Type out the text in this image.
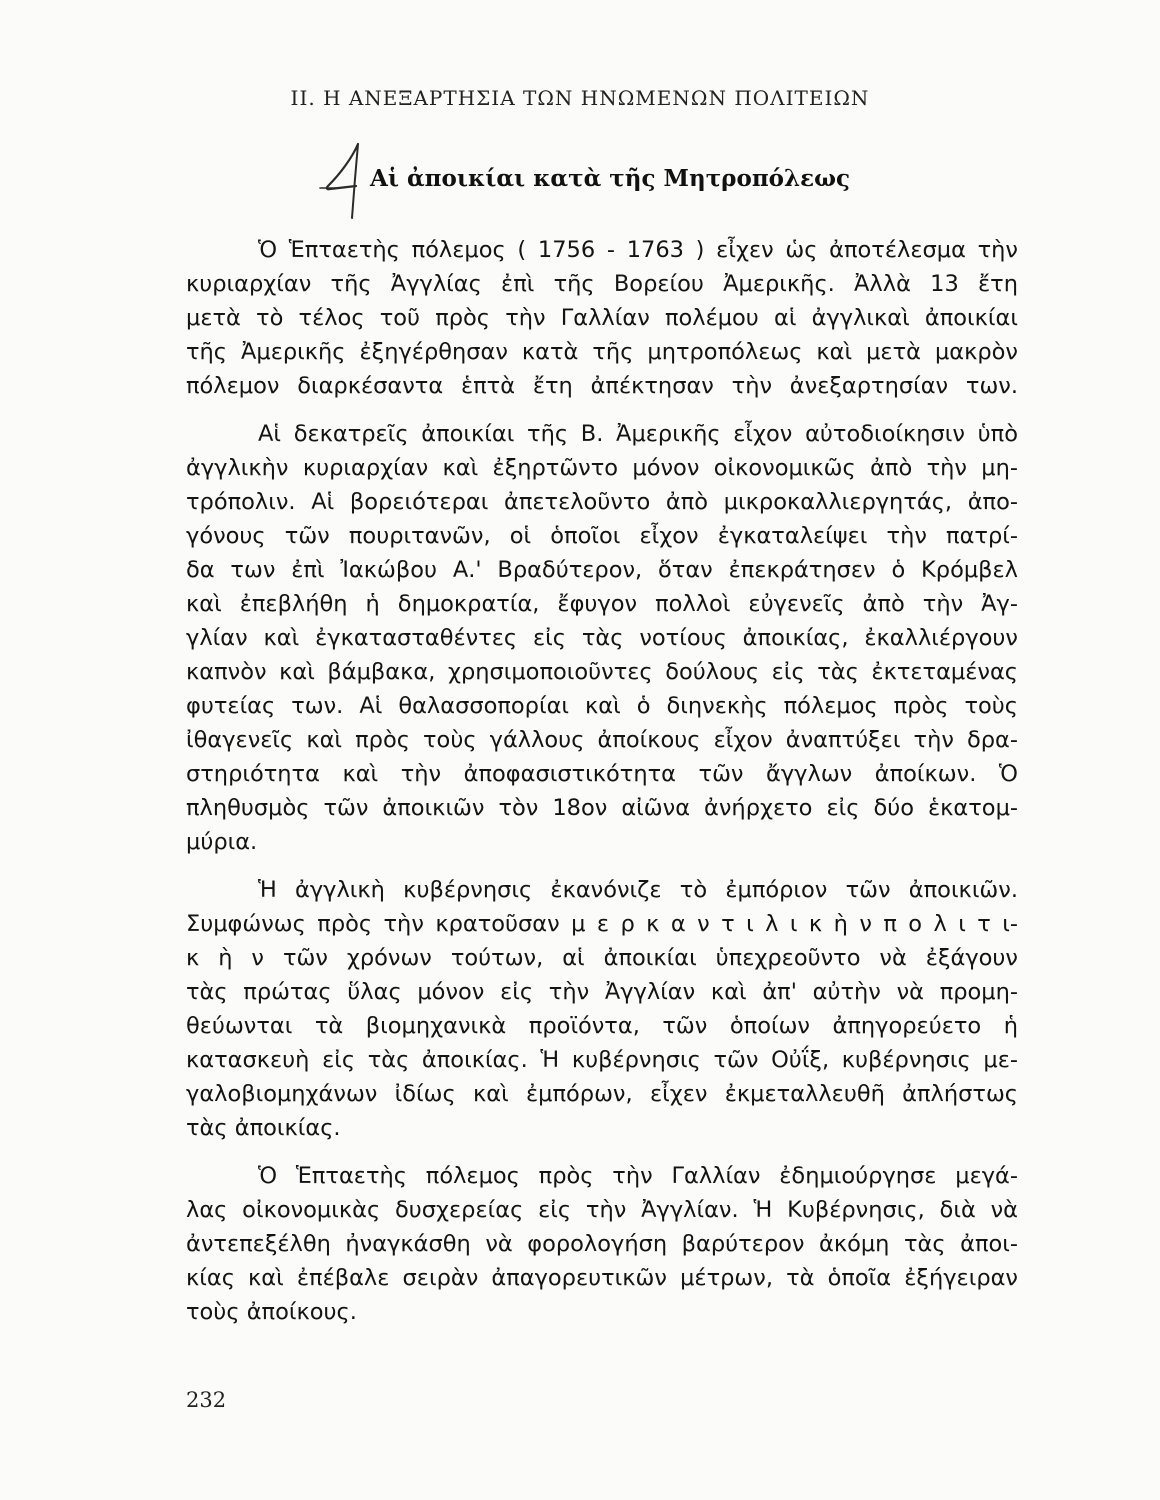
II. Η ΑΝΕΞΑΡΤΗΣΙΑ ΤΩΝ ΗΝΩΜΕΝΩΝ ΠΟΛΙΤΕΙΩΝ
Αἱ ἀποικίαι κατὰ τῆς Μητροπόλεως

Ὁ Ἑπταετὴς πόλεμος ( 1756 - 1763 ) εἶχεν ὡς ἀποτέλεσμα τὴν
κυριαρχίαν τῆς Ἀγγλίας ἐπὶ τῆς Βορείου Ἀμερικῆς. Ἀλλὰ 13 ἔτη
μετὰ τὸ τέλος τοῦ πρὸς τὴν Γαλλίαν πολέμου αἱ ἀγγλικαὶ ἀποικίαι
τῆς Ἀμερικῆς ἐξηγέρθησαν κατὰ τῆς μητροπόλεως καὶ μετὰ μακρὸν
πόλεμον διαρκέσαντα ἑπτὰ ἔτη ἀπέκτησαν τὴν ἀνεξαρτησίαν των.

Αἱ δεκατρεῖς ἀποικίαι τῆς Β. Ἀμερικῆς εἶχον αὐτοδιοίκησιν ὑπὸ
ἀγγλικὴν κυριαρχίαν καὶ ἐξηρτῶντο μόνον οἰκονομικῶς ἀπὸ τὴν μη-
τρόπολιν. Αἱ βορειότεραι ἀπετελοῦντο ἀπὸ μικροκαλλιεργητάς, ἀπο-
γόνους τῶν πουριτανῶν, οἱ ὁποῖοι εἶχον ἐγκαταλείψει τὴν πατρί-
δα των ἐπὶ Ἰακώβου Α.' Βραδύτερον, ὅταν ἐπεκράτησεν ὁ Κρόμβελ
καὶ ἐπεβλήθη ἡ δημοκρατία, ἔφυγον πολλοὶ εὐγενεῖς ἀπὸ τὴν Ἀγ-
γλίαν καὶ ἐγκατασταθέντες εἰς τὰς νοτίους ἀποικίας, ἐκαλλιέργουν
καπνὸν καὶ βάμβακα, χρησιμοποιοῦντες δούλους εἰς τὰς ἐκτεταμένας
φυτείας των. Αἱ θαλασσοπορίαι καὶ ὁ διηνεκὴς πόλεμος πρὸς τοὺς
ἰθαγενεῖς καὶ πρὸς τοὺς γάλλους ἀποίκους εἶχον ἀναπτύξει τὴν δρα-
στηριότητα καὶ τὴν ἀποφασιστικότητα τῶν ἄγγλων ἀποίκων. Ὁ
πληθυσμὸς τῶν ἀποικιῶν τὸν 18ον αἰῶνα ἀνήρχετο εἰς δύο ἑκατομ-
μύρια.

Ἡ ἀγγλικὴ κυβέρνησις ἐκανόνιζε τὸ ἐμπόριον τῶν ἀποικιῶν.
Συμφώνως πρὸς τὴν κρατοῦσαν μ ε ρ κ α ν τ ι λ ι κ ὴ ν π ο λ ι τ ι-
κ ὴ ν τῶν χρόνων τούτων, αἱ ἀποικίαι ὑπεχρεοῦντο νὰ ἐξάγουν
τὰς πρώτας ὕλας μόνον εἰς τὴν Ἀγγλίαν καὶ ἀπ' αὐτὴν νὰ προμη-
θεύωνται τὰ βιομηχανικὰ προϊόντα, τῶν ὁποίων ἀπηγορεύετο ἡ
κατασκευὴ εἰς τὰς ἀποικίας. Ἡ κυβέρνησις τῶν Οὐΐξ, κυβέρνησις με-
γαλοβιομηχάνων ἰδίως καὶ ἐμπόρων, εἶχεν ἐκμεταλλευθῆ ἀπλήστως
τὰς ἀποικίας.

Ὁ Ἑπταετὴς πόλεμος πρὸς τὴν Γαλλίαν ἐδημιούργησε μεγά-
λας οἰκονομικὰς δυσχερείας εἰς τὴν Ἀγγλίαν. Ἡ Κυβέρνησις, διὰ νὰ
ἀντεπεξέλθη ἠναγκάσθη νὰ φορολογήση βαρύτερον ἀκόμη τὰς ἀποι-
κίας καὶ ἐπέβαλε σειρὰν ἀπαγορευτικῶν μέτρων, τὰ ὁποῖα ἐξήγειραν
τοὺς ἀποίκους.

232
